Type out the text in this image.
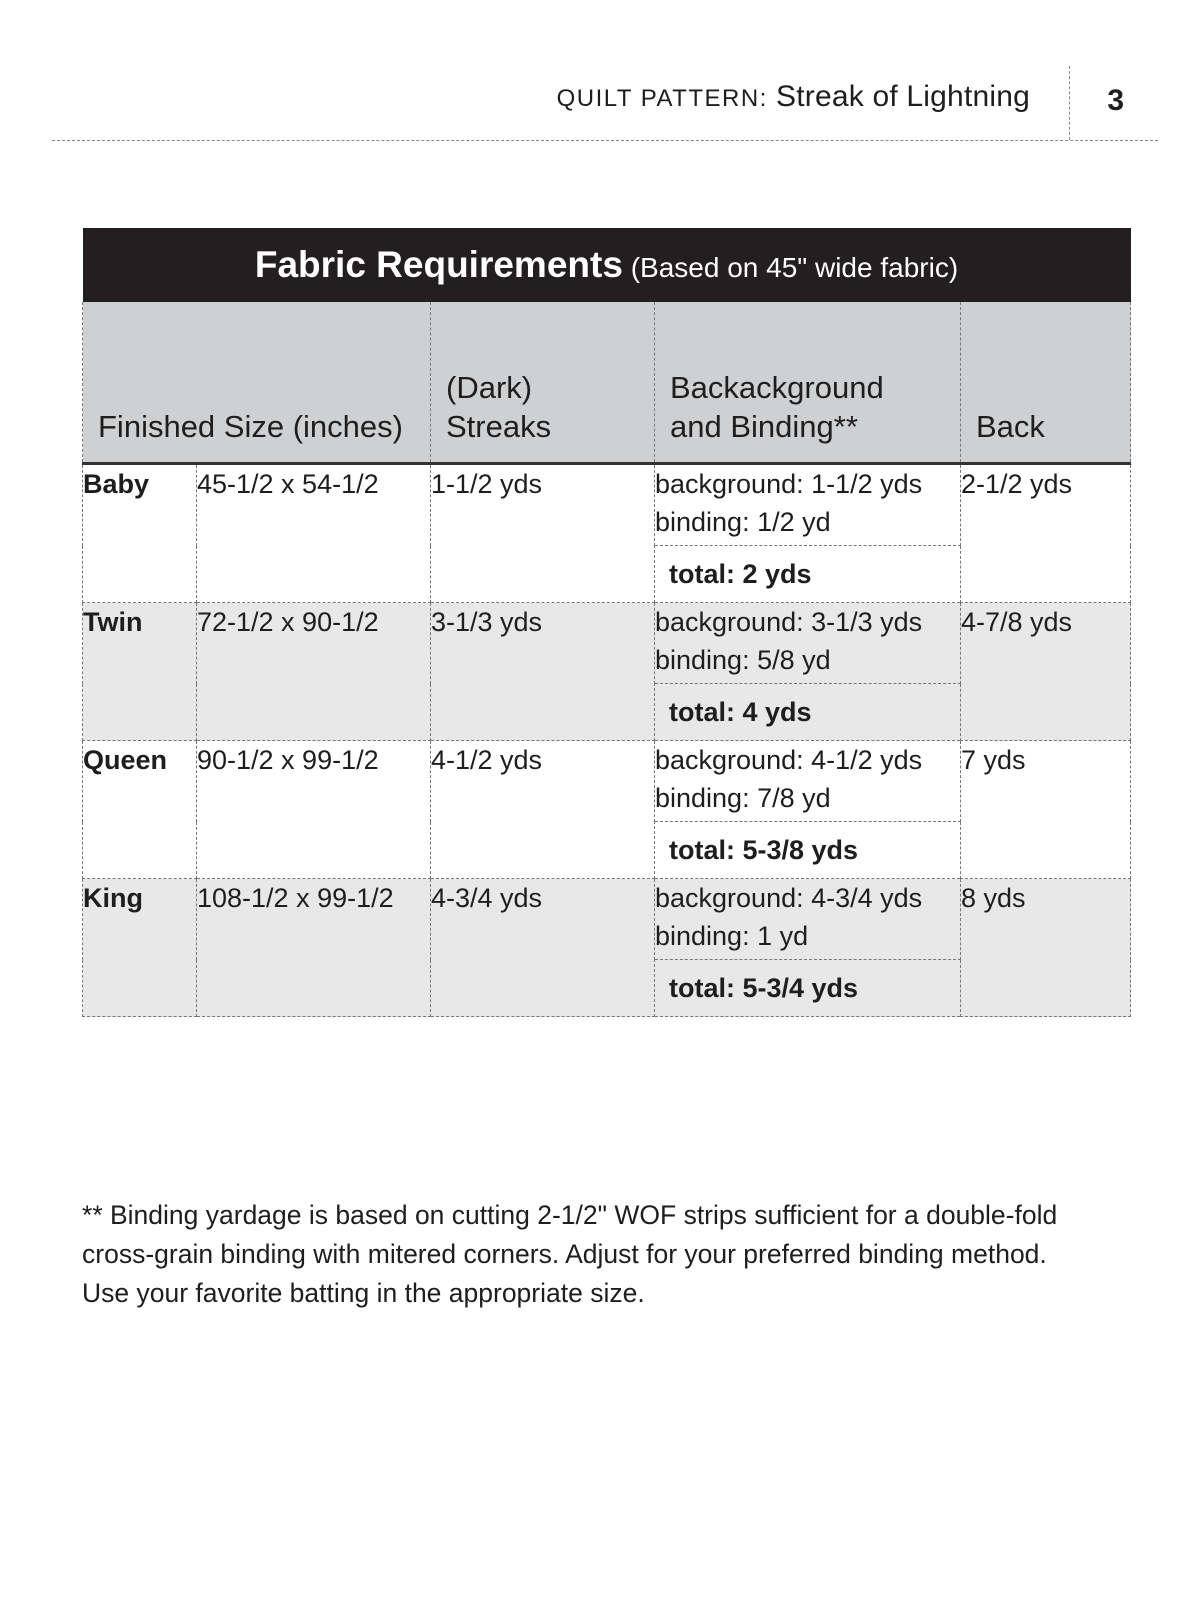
QUILT PATTERN: Streak of Lightning	3
Fabric Requirements (Based on 45" wide fabric)				
Finished Size (inches)		(Dark) Streaks	Backackground
and Binding**	Back
Baby	45-1/2 x 54-1/2	1-1/2 yds	background: 1-1/2 yds
binding: 1/2 yd	2-1/2 yds
			total: 2 yds	
Twin	72-1/2 x 90-1/2	3-1/3 yds	background: 3-1/3 yds
binding: 5/8 yd	4-7/8 yds
			total: 4 yds	
Queen	90-1/2 x 99-1/2	4-1/2 yds	background: 4-1/2 yds
binding: 7/8 yd	7 yds
			total: 5-3/8 yds	
King	108-1/2 x 99-1/2	4-3/4 yds	background: 4-3/4 yds
binding: 1 yd	8 yds
			total: 5-3/4 yds	

** Binding yardage is based on cutting 2-1/2" WOF strips sufficient for a double-fold

cross-grain binding with mitered corners. Adjust for your preferred binding method.

Use your favorite batting in the appropriate size.
